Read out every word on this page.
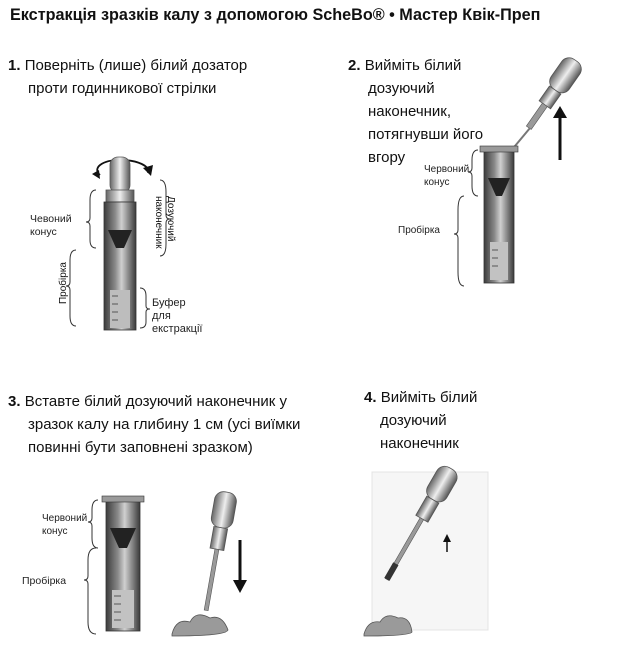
Екстракція зразків калу з допомогою ScheBo® • Мастер Квік-Преп
1. Поверніть (лише) білий дозатор
проти годинникової стрілки
2. Вийміть білий
дозуючий
наконечник,
потягнувши його
вгору
3. Вставте білий дозуючий наконечник у
зразок калу на глибину 1 см (усі виїмки
повинні бути заповнені зразком)
4. Вийміть білий
дозуючий
наконечник
Чевоний
конус	Дозуючий
наконечник
Пробірка	Буфер
для
екстракції
Червоний
конус
Пробірка
Червоний
конус
Пробірка
